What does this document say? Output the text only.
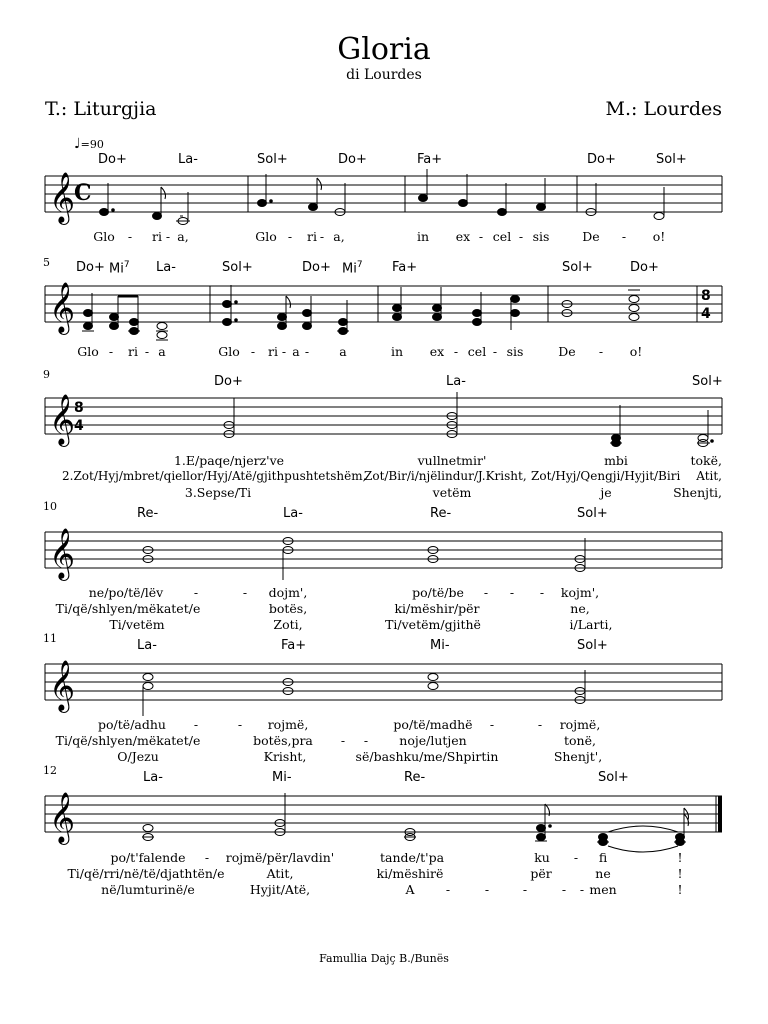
Gloria
di Lourdes
T.: Liturgjia	M.: Lourdes
♩=90
5
9
10
11
12
Do+	La-	Sol+	Do+	Fa+	Do+	Sol+
$Do+ Mi^7$ La-	Sol+	$Do+ Mi^7$ Fa+	Sol+	Do+
Do+	La-	Sol+
Re-	La-	Re-	Sol+
La-	Fa+	Mi-	Sol+
La-	Mi-	Re-	Sol+
Glo - ri - a,	Glo - ri - a,	in ex - cel - sis	De - o!
Glo - ri - a	Glo - ri - a - a	in ex - cel - sis	De - o!
1.E/paqe/njerz've	vullnetmir'	mbi	tokë,
2.Zot/Hyj/mbret/qiellor/Hyj/Atë/gjithpushtetshëm,
Zot/Bir/i/njëlindur/J.Krisht, Zot/Hyj/Qengji/Hyjit/Biri Atit,
3.Sepse/Ti	vetëm	je	Shenjti,
ne/po/të/lëv -	- dojm',	po/të/be - - - kojm',
Ti/që/shlyen/mëkatet/e	botës,	ki/mëshir/për	ne,
Ti/vetëm	Zoti,	Ti/vetëm/gjithë	i/Larti,
po/të/adhu -	- rojmë,	po/të/madhë -	- rojmë,
Ti/që/shlyen/mëkatet/e	botës,pra - - noje/lutjen	tonë,
O/Jezu	Krisht,	së/bashku/me/Shpirtin	Shenjt',
po/t'falende - rojmë/për/lavdin'	tande/t'pa	ku - fi	!
Ti/që/rri/në/të/djathtën/e	Atit,	ki/mëshirë	për	ne	!
në/lumturinë/e	Hyjit/Atë,	A	-	-	-	- - men	!
Famullia Dajç B./Bunës
𝄞
𝄞
𝄞
𝄞
𝄞
𝄞
C
8
4
8
4
